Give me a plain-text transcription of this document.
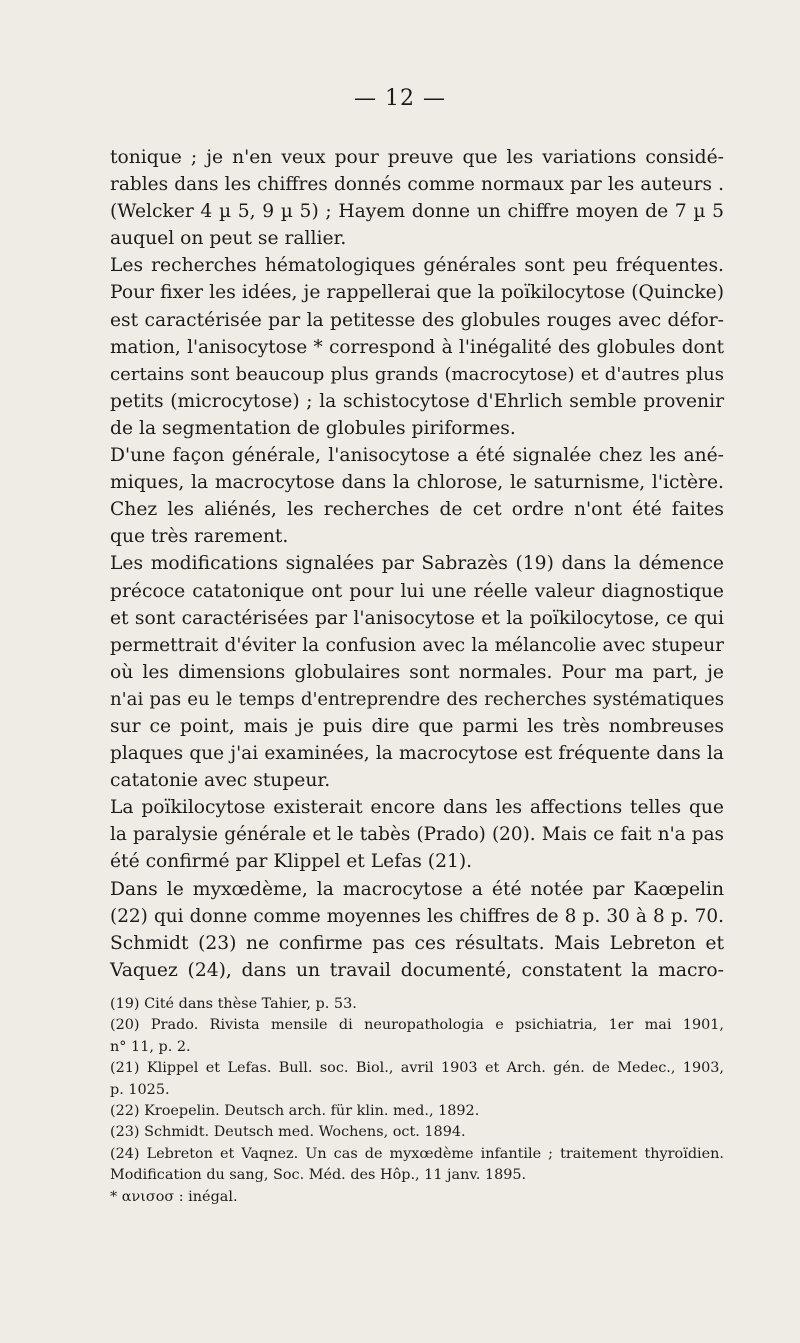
— 12 —
tonique ; je n'en veux pour preuve que les variations considé-
rables dans les chiffres donnés comme normaux par les auteurs .
(Welcker 4 µ 5, 9 µ 5) ; Hayem donne un chiffre moyen de 7 µ 5
auquel on peut se rallier.
Les recherches hématologiques générales sont peu fréquentes.
Pour fixer les idées, je rappellerai que la poïkilocytose (Quincke)
est caractérisée par la petitesse des globules rouges avec défor-
mation, l'anisocytose * correspond à l'inégalité des globules dont
certains sont beaucoup plus grands (macrocytose) et d'autres plus
petits (microcytose) ; la schistocytose d'Ehrlich semble provenir
de la segmentation de globules piriformes.
D'une façon générale, l'anisocytose a été signalée chez les ané-
miques, la macrocytose dans la chlorose, le saturnisme, l'ictère.
Chez les aliénés, les recherches de cet ordre n'ont été faites
que très rarement.
Les modifications signalées par Sabrazès (19) dans la démence
précoce catatonique ont pour lui une réelle valeur diagnostique
et sont caractérisées par l'anisocytose et la poïkilocytose, ce qui
permettrait d'éviter la confusion avec la mélancolie avec stupeur
où les dimensions globulaires sont normales. Pour ma part, je
n'ai pas eu le temps d'entreprendre des recherches systématiques
sur ce point, mais je puis dire que parmi les très nombreuses
plaques que j'ai examinées, la macrocytose est fréquente dans la
catatonie avec stupeur.
La poïkilocytose existerait encore dans les affections telles que
la paralysie générale et le tabès (Prado) (20). Mais ce fait n'a pas
été confirmé par Klippel et Lefas (21).
Dans le myxœdème, la macrocytose a été notée par Kaœpelin
(22) qui donne comme moyennes les chiffres de 8 p. 30 à 8 p. 70.
Schmidt (23) ne confirme pas ces résultats. Mais Lebreton et
Vaquez (24), dans un travail documenté, constatent la macro-
(19) Cité dans thèse Tahier, p. 53.
(20) Prado. Rivista mensile di neuropathologia e psichiatria, 1er mai 1901,
n° 11, p. 2.
(21) Klippel et Lefas. Bull. soc. Biol., avril 1903 et Arch. gén. de Medec., 1903,
p. 1025.
(22) Kroepelin. Deutsch arch. für klin. med., 1892.
(23) Schmidt. Deutsch med. Wochens, oct. 1894.
(24) Lebreton et Vaqnez. Un cas de myxœdème infantile ; traitement thyroïdien.
Modification du sang, Soc. Méd. des Hôp., 11 janv. 1895.
* ανισοσ : inégal.
